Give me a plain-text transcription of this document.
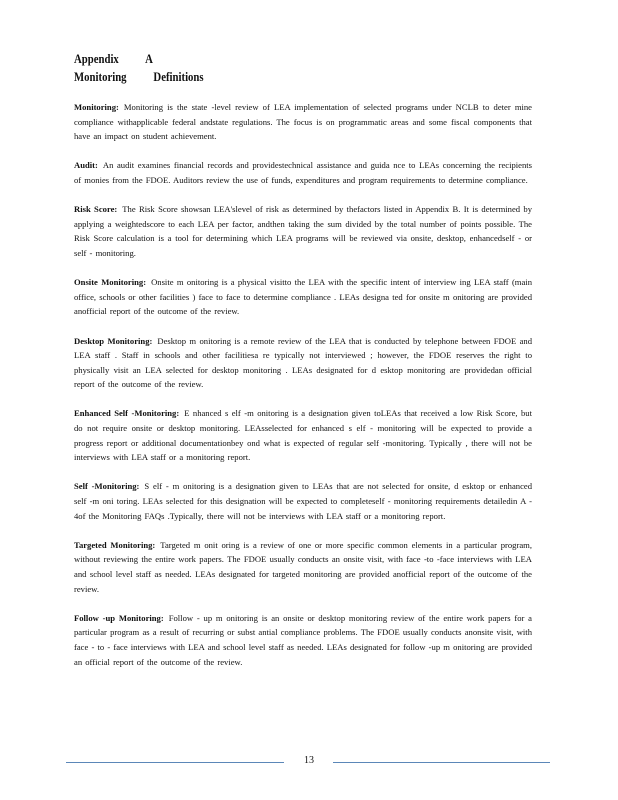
Appendix          A
Monitoring          Definitions

Monitoring: Monitoring is the state -level review of LEA implementation of selected programs under NCLB to deter mine compliance withapplicable federal andstate regulations. The focus is on programmatic areas and some fiscal components that have an impact on student achievement.

Audit: An audit examines financial records and providestechnical assistance and guida nce to LEAs concerning the recipients of monies from the FDOE. Auditors review the use of funds, expenditures and program requirements to determine compliance.

Risk Score: The Risk Score showsan LEA'slevel of risk as determined by thefactors listed in Appendix B. It is determined by applying a weightedscore to each LEA per factor, andthen taking the sum divided by the total number of points possible. The Risk Score calculation is a tool for determining which LEA programs will be reviewed via onsite, desktop, enhancedself - or self - monitoring.

Onsite Monitoring: Onsite m onitoring is a physical visitto the LEA with the specific intent of interview ing LEA staff (main office, schools or other facilities ) face to face to determine compliance . LEAs designa ted for onsite m onitoring are provided anofficial report of the outcome of the review.

Desktop Monitoring: Desktop m onitoring is a remote review of the LEA that is conducted by telephone between FDOE and LEA staff . Staff in schools and other facilitiesa re typically not interviewed ; however, the FDOE reserves the right to physically visit an LEA selected for desktop monitoring . LEAs designated for d esktop monitoring are providedan official report of the outcome of the review.

Enhanced Self -Monitoring: E nhanced s elf -m onitoring is a designation given toLEAs that received a low Risk Score, but do not require onsite or desktop monitoring. LEAsselected for enhanced s elf - monitoring will be expected to provide a progress report or additional documentationbey ond what is expected of regular self -monitoring. Typically , there will not be interviews with LEA staff or a monitoring report.

Self -Monitoring: S elf - m onitoring is a designation given to LEAs that are not selected for onsite, d esktop or enhanced self -m oni toring. LEAs selected for this designation will be expected to completeself - monitoring requirements detailedin A - 4of the Monitoring FAQs .Typically, there will not be interviews with LEA staff or a monitoring report.

Targeted Monitoring: Targeted m onit oring is a review of one or more specific common elements in a particular program, without reviewing the entire work papers. The FDOE usually conducts an onsite visit, with face -to -face interviews with LEA and school level staff as needed. LEAs designated for targeted monitoring are provided anofficial report of the outcome of the review.

Follow -up Monitoring: Follow - up m onitoring is an onsite or desktop monitoring review of the entire work papers for a particular program as a result of recurring or subst antial compliance problems. The FDOE usually conducts anonsite visit, with face - to - face interviews with LEA and school level staff as needed. LEAs designated for follow -up m onitoring are provided an official report of the outcome of the review.

13
